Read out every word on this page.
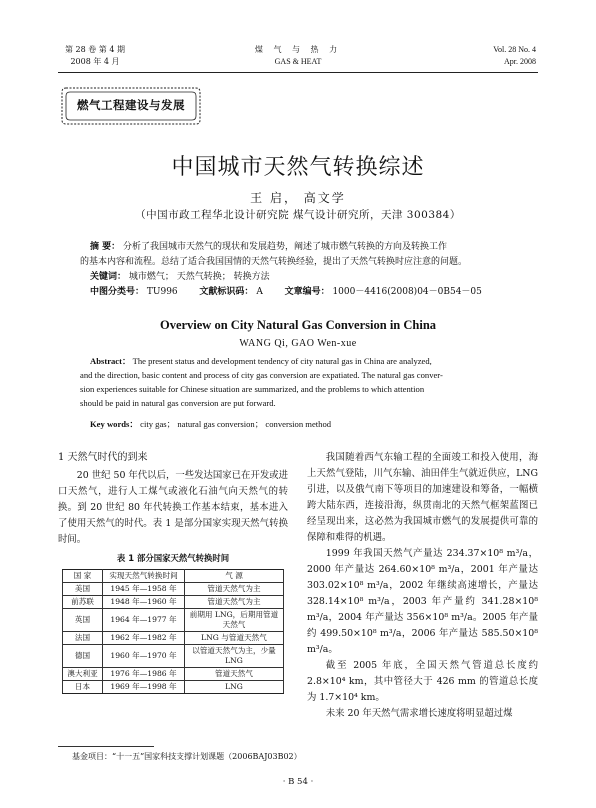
第 28 卷 第 4 期
2008 年 4 月
煤 气 与 热 力
GAS & HEAT
Vol. 28 No. 4
Apr. 2008
燃气工程建设与发展
中国城市天然气转换综述
王 启， 高文学
（中国市政工程华北设计研究院 煤气设计研究所，天津 300384）
摘 要： 分析了我国城市天然气的现状和发展趋势，阐述了城市燃气转换的方向及转换工作
的基本内容和流程。总结了适合我国国情的天然气转换经验，提出了天然气转换时应注意的问题。
关键词： 城市燃气； 天然气转换； 转换方法
中图分类号： TU996 文献标识码： A 文章编号： 1000－4416(2008)04－0B54－05
Overview on City Natural Gas Conversion in China
WANG Qi, GAO Wen-xue
Abstract： The present status and development tendency of city natural gas in China are analyzed,
and the direction, basic content and process of city gas conversion are expatiated. The natural gas conver-
sion experiences suitable for Chinese situation are summarized, and the problems to which attention
should be paid in natural gas conversion are put forward.
Key words： city gas； natural gas conversion； conversion method
1 天然气时代的到来
20 世纪 50 年代以后，一些发达国家已在开发或进口天然气，进行人工煤气或液化石油气向天然气的转换。到 20 世纪 80 年代转换工作基本结束，基本进入了使用天然气的时代。表 1 是部分国家实现天然气转换时间。
表 1 部分国家天然气转换时间
国 家	实现天然气转换时间	气 源
美国	1945 年—1958 年	管道天然气为主
前苏联	1948 年—1960 年	管道天然气为主
英国	1964 年—1977 年	前期用 LNG，后期用管道天然气
法国	1962 年—1982 年	LNG 与管道天然气
德国	1960 年—1970 年	以管道天然气为主，少量 LNG
澳大利亚	1976 年—1986 年	管道天然气
日本	1969 年—1998 年	LNG
我国随着西气东输工程的全面竣工和投入使用，海上天然气登陆，川气东输、油田伴生气就近供应，LNG 引进，以及俄气南下等项目的加速建设和筹备，一幅横跨大陆东西，连接沿海，纵贯南北的天然气框架蓝图已经呈现出来，这必然为我国城市燃气的发展提供可靠的保障和难得的机遇。
1999 年我国天然气产量达 234.37×10⁸ m³/a，2000 年产量达 264.60×10⁸ m³/a，2001 年产量达 303.02×10⁸ m³/a，2002 年继续高速增长，产量达 328.14×10⁸ m³/a，2003 年产量约 341.28×10⁸ m³/a，2004 年产量达 356×10⁸ m³/a。2005 年产量约 499.50×10⁸ m³/a，2006 年产量达 585.50×10⁸ m³/a。
截至 2005 年底，全国天然气管道总长度约 2.8×10⁴ km，其中管径大于 426 mm 的管道总长度为 1.7×10⁴ km。
未来 20 年天然气需求增长速度将明显超过煤
基金项目：“十一五”国家科技支撑计划课题（2006BAJ03B02）
· B 54 ·
